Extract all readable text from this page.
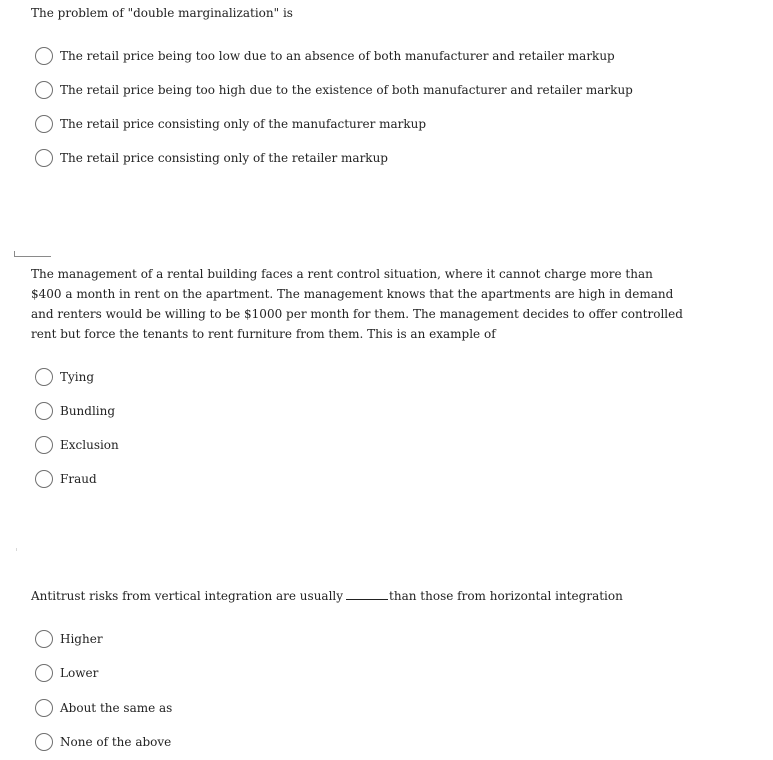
The problem of "double marginalization" is

The retail price being too low due to an absence of both manufacturer and retailer markup
The retail price being too high due to the existence of both manufacturer and retailer markup
The retail price consisting only of the manufacturer markup
The retail price consisting only of the retailer markup

The management of a rental building faces a rent control situation, where it cannot charge more than $400 a month in rent on the apartment. The management knows that the apartments are high in demand and renters would be willing to be $1000 per month for them. The management decides to offer controlled rent but force the tenants to rent furniture from them. This is an example of

Tying
Bundling
Exclusion
Fraud

Antitrust risks from vertical integration are usually	than those from horizontal integration

Higher
Lower
About the same as
None of the above
